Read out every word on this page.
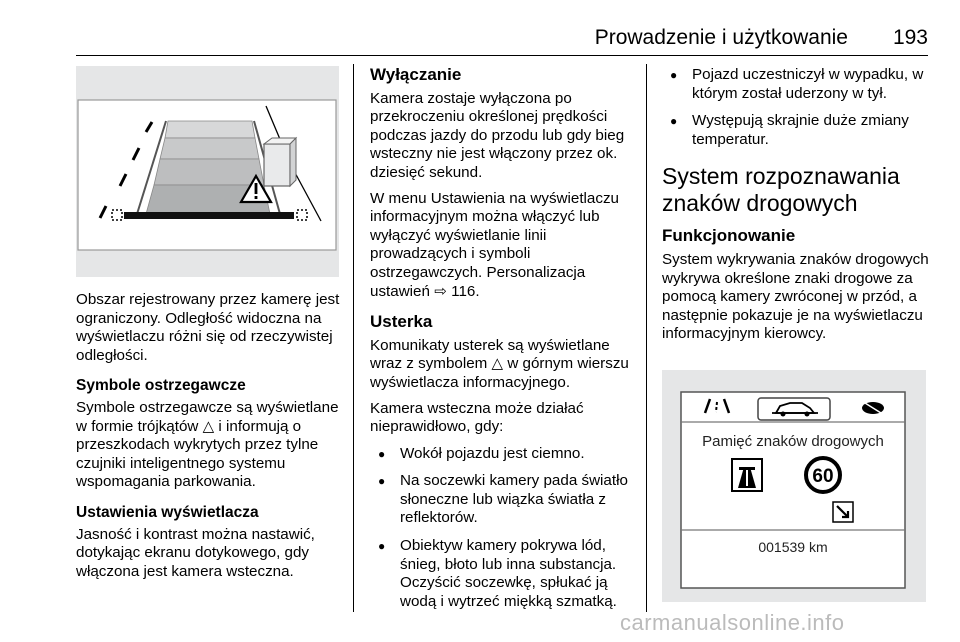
Prowadzenie i użytkowanie 193

Obszar rejestrowany przez kamerę jest ograniczony. Odległość widoczna na wyświetlaczu różni się od rzeczywistej odległości.

Symbole ostrzegawcze

Symbole ostrzegawcze są wyświetlane w formie trójkątów △ i informują o przeszkodach wykrytych przez tylne czujniki inteligentnego systemu wspomagania parkowania.

Ustawienia wyświetlacza

Jasność i kontrast można nastawić, dotykając ekranu dotykowego, gdy włączona jest kamera wsteczna.

Wyłączanie

Kamera zostaje wyłączona po przekroczeniu określonej prędkości podczas jazdy do przodu lub gdy bieg wsteczny nie jest włączony przez ok. dziesięć sekund.

W menu Ustawienia na wyświetlaczu informacyjnym można włączyć lub wyłączyć wyświetlanie linii prowadzących i symboli ostrzegawczych. Personalizacja ustawień ⇨ 116.

Usterka

Komunikaty usterek są wyświetlane wraz z symbolem △ w górnym wierszu wyświetlacza informacyjnego.

Kamera wsteczna może działać nieprawidłowo, gdy:

● Wokół pojazdu jest ciemno.
● Na soczewki kamery pada światło słoneczne lub wiązka światła z reflektorów.
● Obiektyw kamery pokrywa lód, śnieg, błoto lub inna substancja. Oczyścić soczewkę, spłukać ją wodą i wytrzeć miękką szmatką.
● Pojazd uczestniczył w wypadku, w którym został uderzony w tył.
● Występują skrajnie duże zmiany temperatur.
System rozpoznawania znaków drogowych
Funkcjonowanie

System wykrywania znaków drogowych wykrywa określone znaki drogowe za pomocą kamery zwróconej w przód, a następnie pokazuje je na wyświetlaczu informacyjnym kierowcy.

Pamięć znaków drogowych
60
001539 km
carmanualsonline.info
